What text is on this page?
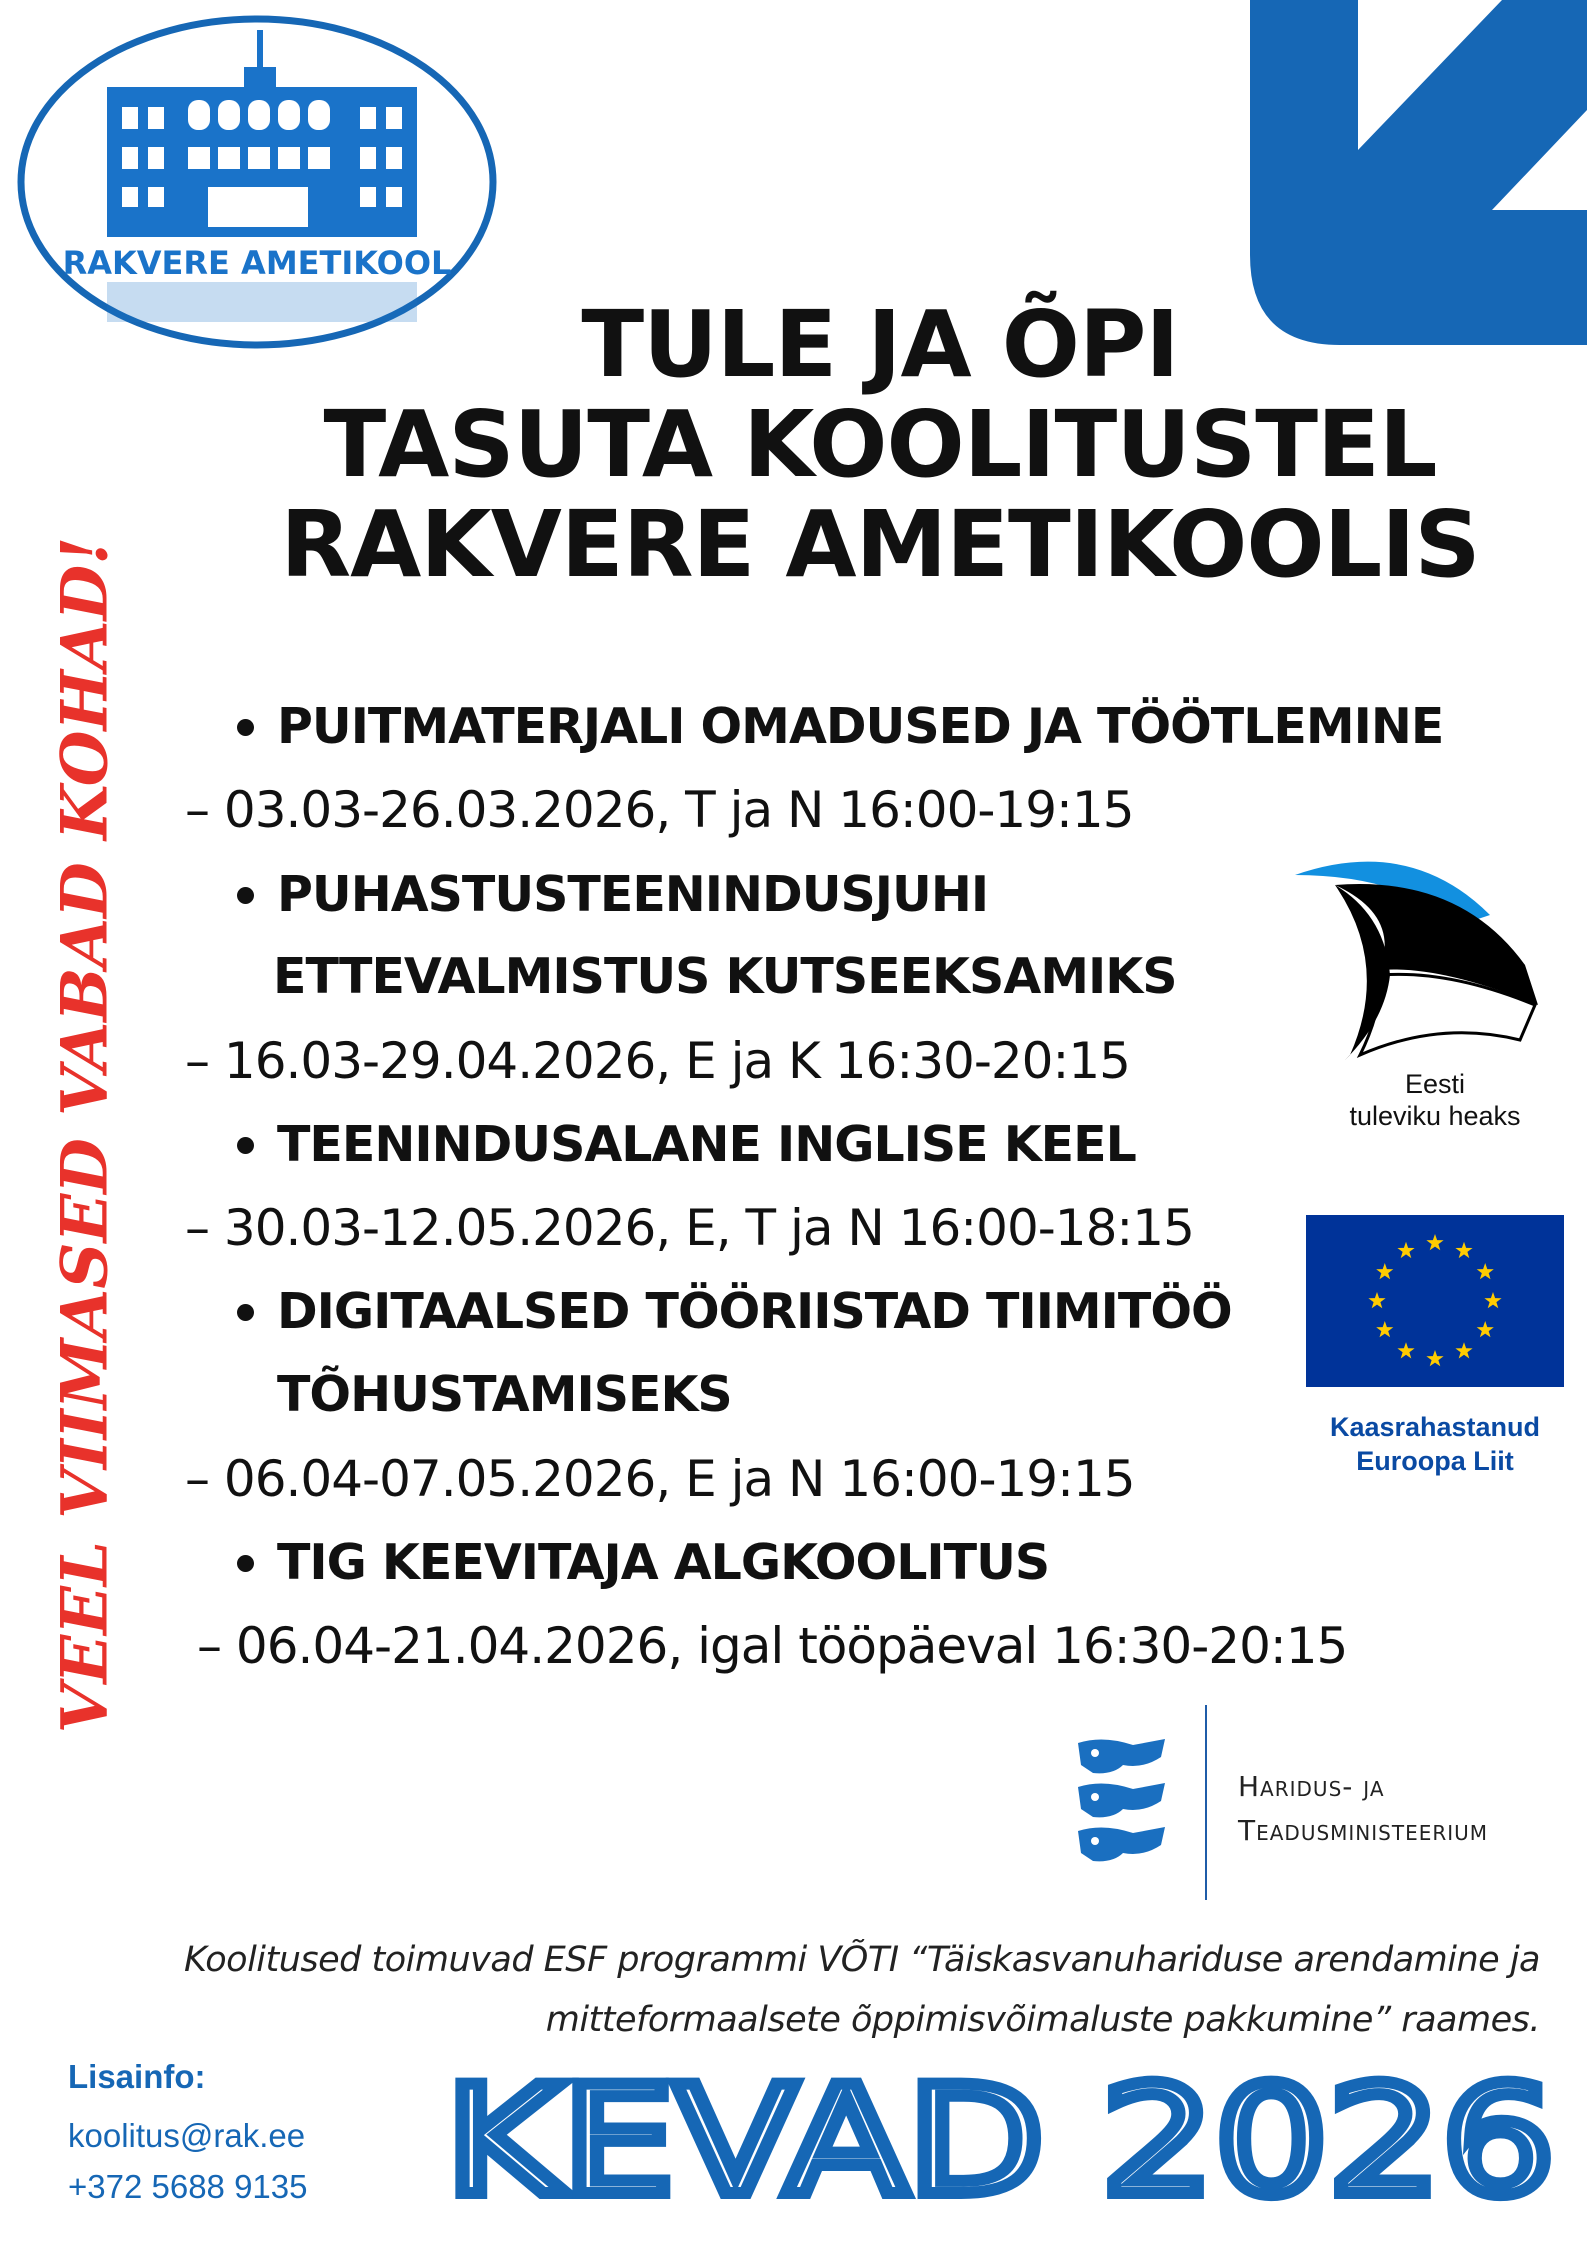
RAKVERE AMETIKOOL
TULE JA ÕPI
TASUTA KOOLITUSTEL
RAKVERE AMETIKOOLIS
VEEL VIIMASED VABAD KOHAD!	PUITMATERJALI OMADUSED JA TÖÖTLEMINE
– 03.03-26.03.2026, T ja N 16:00-19:15
PUHASTUSTEENINDUSJUHI
ETTEVALMISTUS KUTSEEKSAMIKS
– 16.03-29.04.2026, E ja K 16:30-20:15
TEENINDUSALANE INGLISE KEEL
– 30.03-12.05.2026, E, T ja N 16:00-18:15
DIGITAALSED TÖÖRIISTAD TIIMITÖÖ
TÕHUSTAMISEKS
– 06.04-07.05.2026, E ja N 16:00-19:15
TIG KEEVITAJA ALGKOOLITUS
– 06.04-21.04.2026, igal tööpäeval 16:30-20:15
Eesti
tuleviku heaks
Kaasrahastanud
Euroopa Liit
Haridus- ja
Teadusministeerium
Koolitused toimuvad ESF programmi VÕTI “Täiskasvanuhariduse arendamine ja
mitteformaalsete õppimisvõimaluste pakkumine” raames.
Lisainfo:
koolitus@rak.ee
+372 5688 9135 KEVAD 2026
